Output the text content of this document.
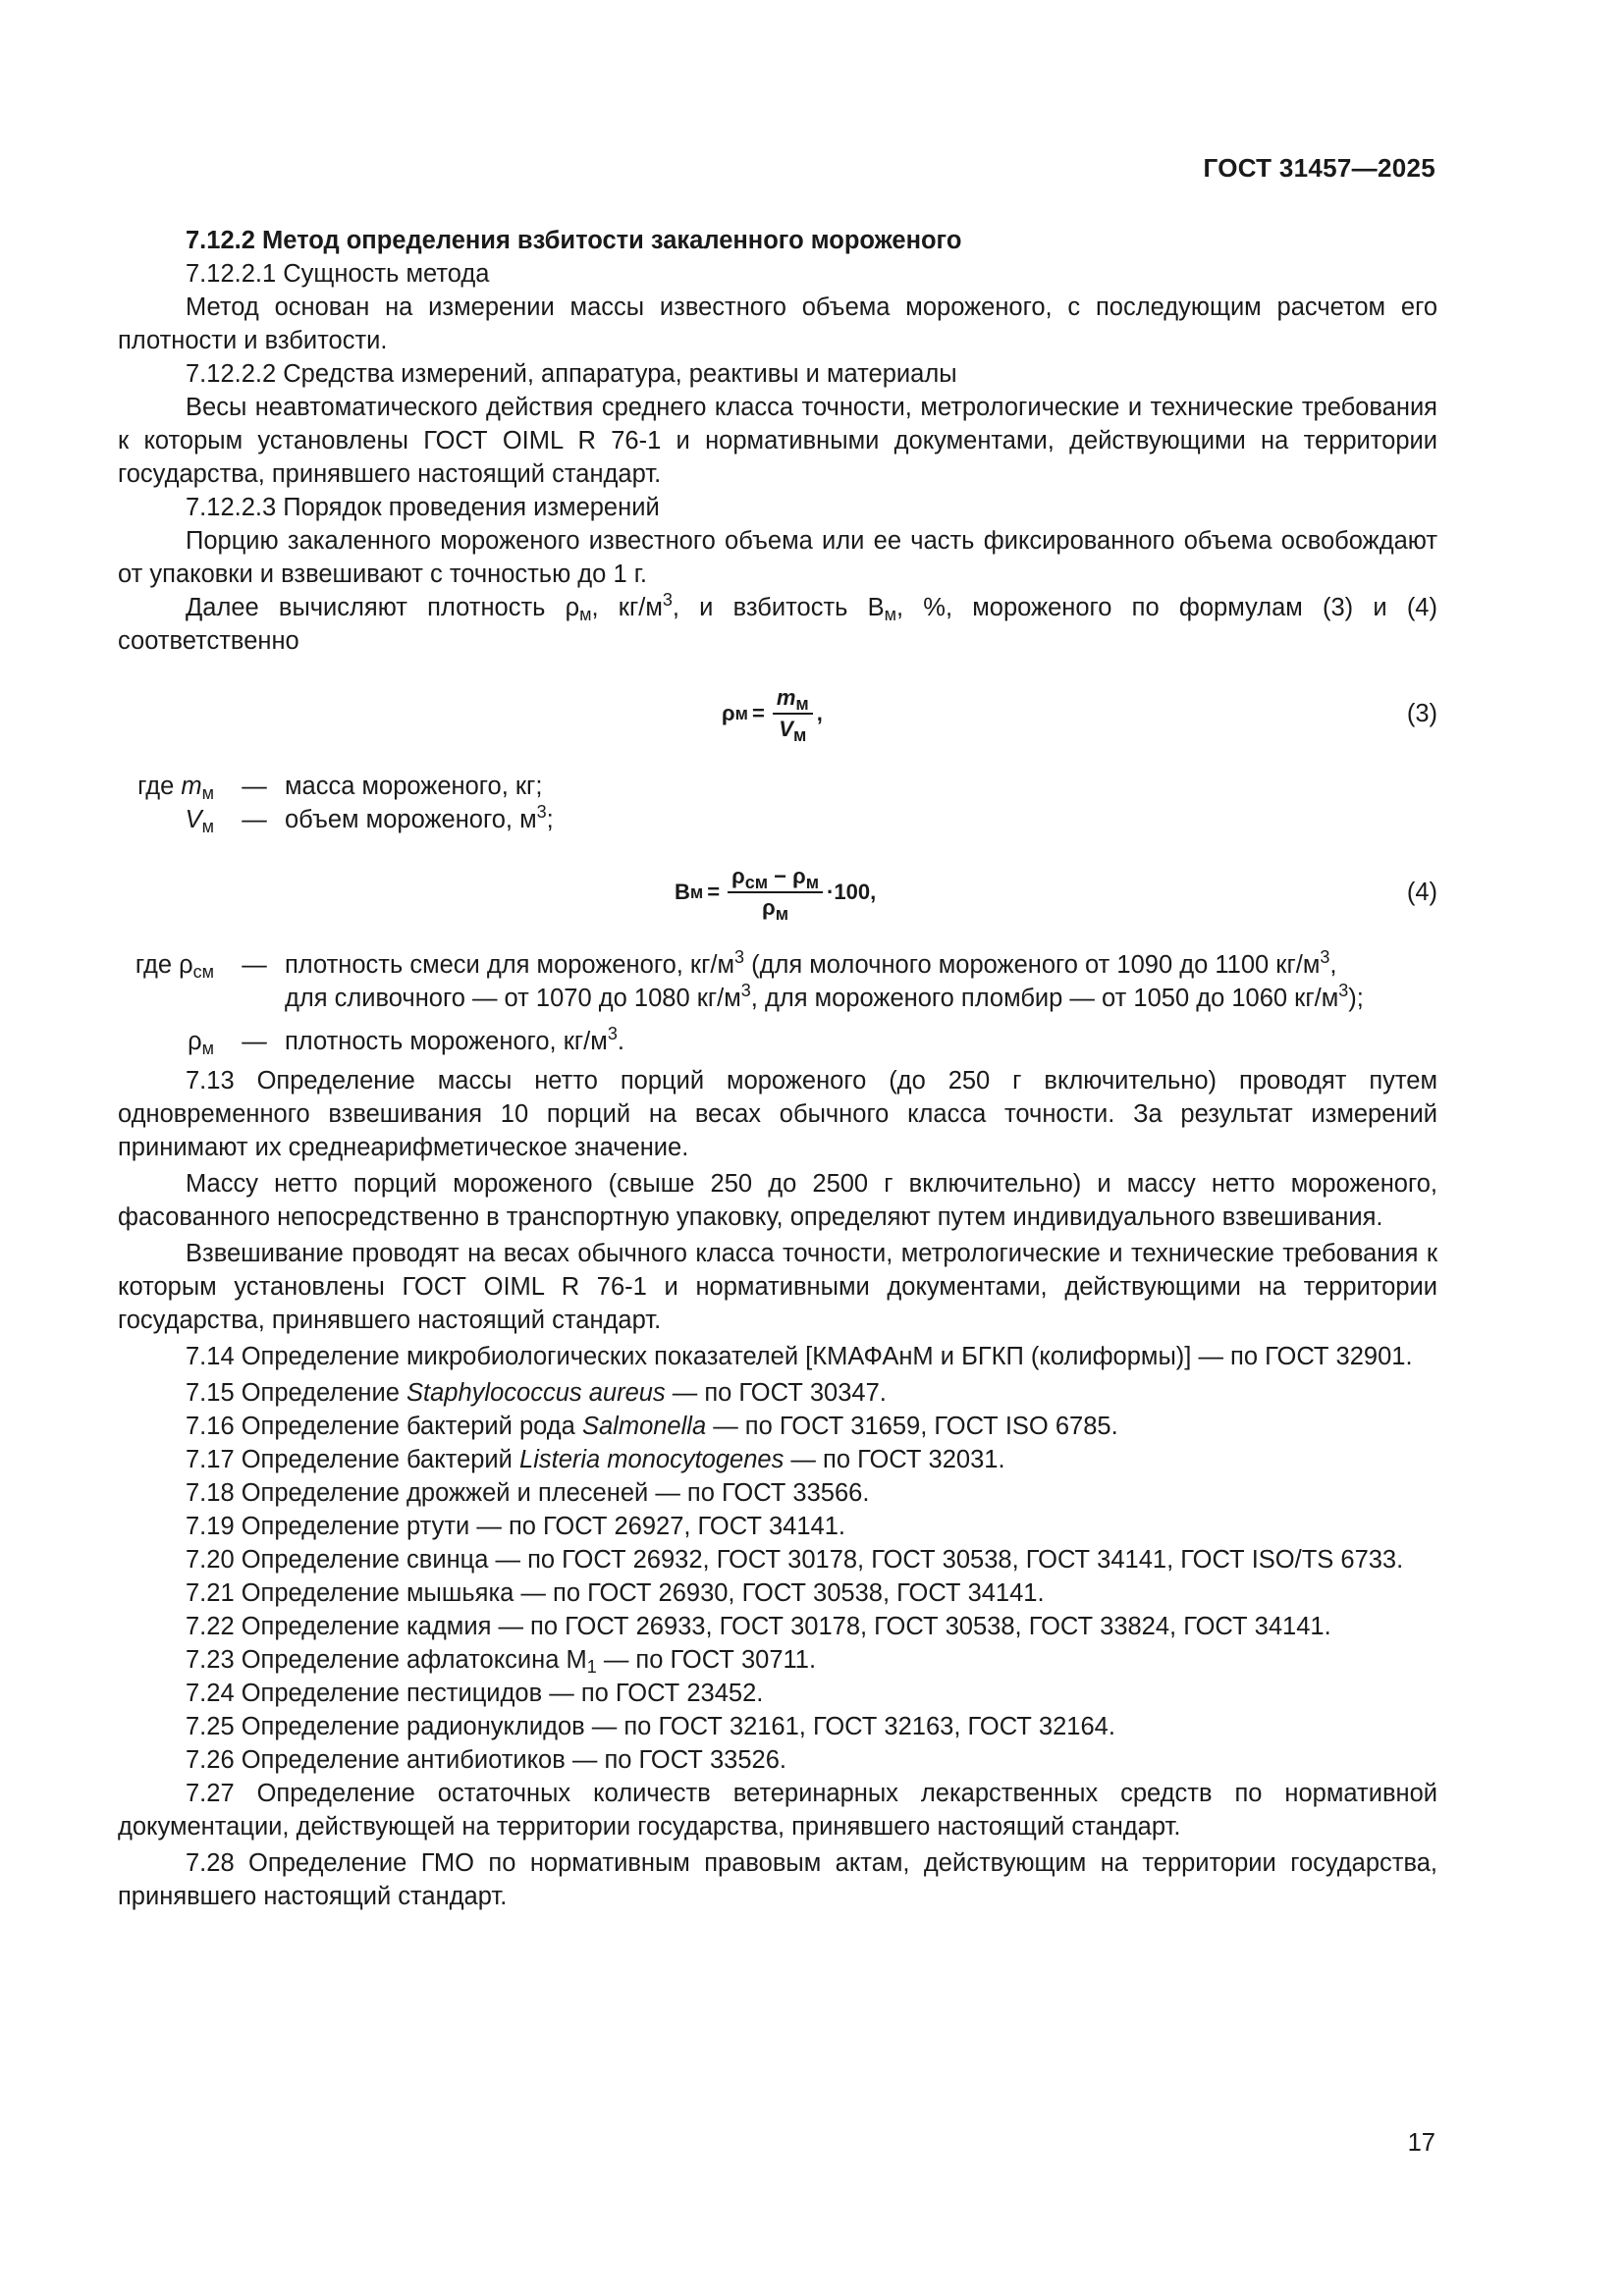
ГОСТ 31457—2025

7.12.2 Метод определения взбитости закаленного мороженого

7.12.2.1 Сущность метода

Метод основан на измерении массы известного объема мороженого, с последующим расчетом его плотности и взбитости.

7.12.2.2 Средства измерений, аппаратура, реактивы и материалы

Весы неавтоматического действия среднего класса точности, метрологические и технические требования к которым установлены ГОСТ OIML R 76-1 и нормативными документами, действующими на территории государства, принявшего настоящий стандарт.

7.12.2.3 Порядок проведения измерений

Порцию закаленного мороженого известного объема или ее часть фиксированного объема освобождают от упаковки и взвешивают с точностью до 1 г.

Далее вычисляют плотность $\rho_м$, $кг/м^3$, и взбитость $В_м$, %, мороженого по формулам (3) и (4) соответственно

ρ $м = \frac{m_м}{V_м}$ ,	(3)
где $m_м$	— масса мороженого, кг;
$V_м$	— объем мороженого, $м^3$;
В $м = \frac{\rho_{см} - \rho_м}{\rho_м} \cdot 100$,	(4)
где $\rho_{см}$	— плотность смеси для мороженого, $кг/м^3$ (для молочного мороженого от 1090 до 1100 $кг/м^3$,
для сливочного — от 1070 до 1080 $кг/м^3$, для мороженого пломбир — от 1050 до 1060 $кг/м^3$);
$\rho_м$	— плотность мороженого, $кг/м^3$.

7.13 Определение массы нетто порций мороженого (до 250 г включительно) проводят путем одновременного взвешивания 10 порций на весах обычного класса точности. За результат измерений принимают их среднеарифметическое значение.

Массу нетто порций мороженого (свыше 250 до 2500 г включительно) и массу нетто мороженого, фасованного непосредственно в транспортную упаковку, определяют путем индивидуального взвешивания.

Взвешивание проводят на весах обычного класса точности, метрологические и технические требования к которым установлены ГОСТ OIML R 76-1 и нормативными документами, действующими на территории государства, принявшего настоящий стандарт.

7.14 Определение микробиологических показателей [КМАФАнМ и БГКП (колиформы)] — по ГОСТ 32901.

7.15 Определение Staphylococcus aureus — по ГОСТ 30347.

7.16 Определение бактерий рода Salmonella — по ГОСТ 31659, ГОСТ ISO 6785.

7.17 Определение бактерий Listeria monocytogenes — по ГОСТ 32031.

7.18 Определение дрожжей и плесеней — по ГОСТ 33566.

7.19 Определение ртути — по ГОСТ 26927, ГОСТ 34141.

7.20 Определение свинца — по ГОСТ 26932, ГОСТ 30178, ГОСТ 30538, ГОСТ 34141, ГОСТ ISO/TS 6733.

7.21 Определение мышьяка — по ГОСТ 26930, ГОСТ 30538, ГОСТ 34141.

7.22 Определение кадмия — по ГОСТ 26933, ГОСТ 30178, ГОСТ 30538, ГОСТ 33824, ГОСТ 34141.

7.23 Определение афлатоксина $М_1$ — по ГОСТ 30711.

7.24 Определение пестицидов — по ГОСТ 23452.

7.25 Определение радионуклидов — по ГОСТ 32161, ГОСТ 32163, ГОСТ 32164.

7.26 Определение антибиотиков — по ГОСТ 33526.

7.27 Определение остаточных количеств ветеринарных лекарственных средств по нормативной документации, действующей на территории государства, принявшего настоящий стандарт.

7.28 Определение ГМО по нормативным правовым актам, действующим на территории государства, принявшего настоящий стандарт.

17
